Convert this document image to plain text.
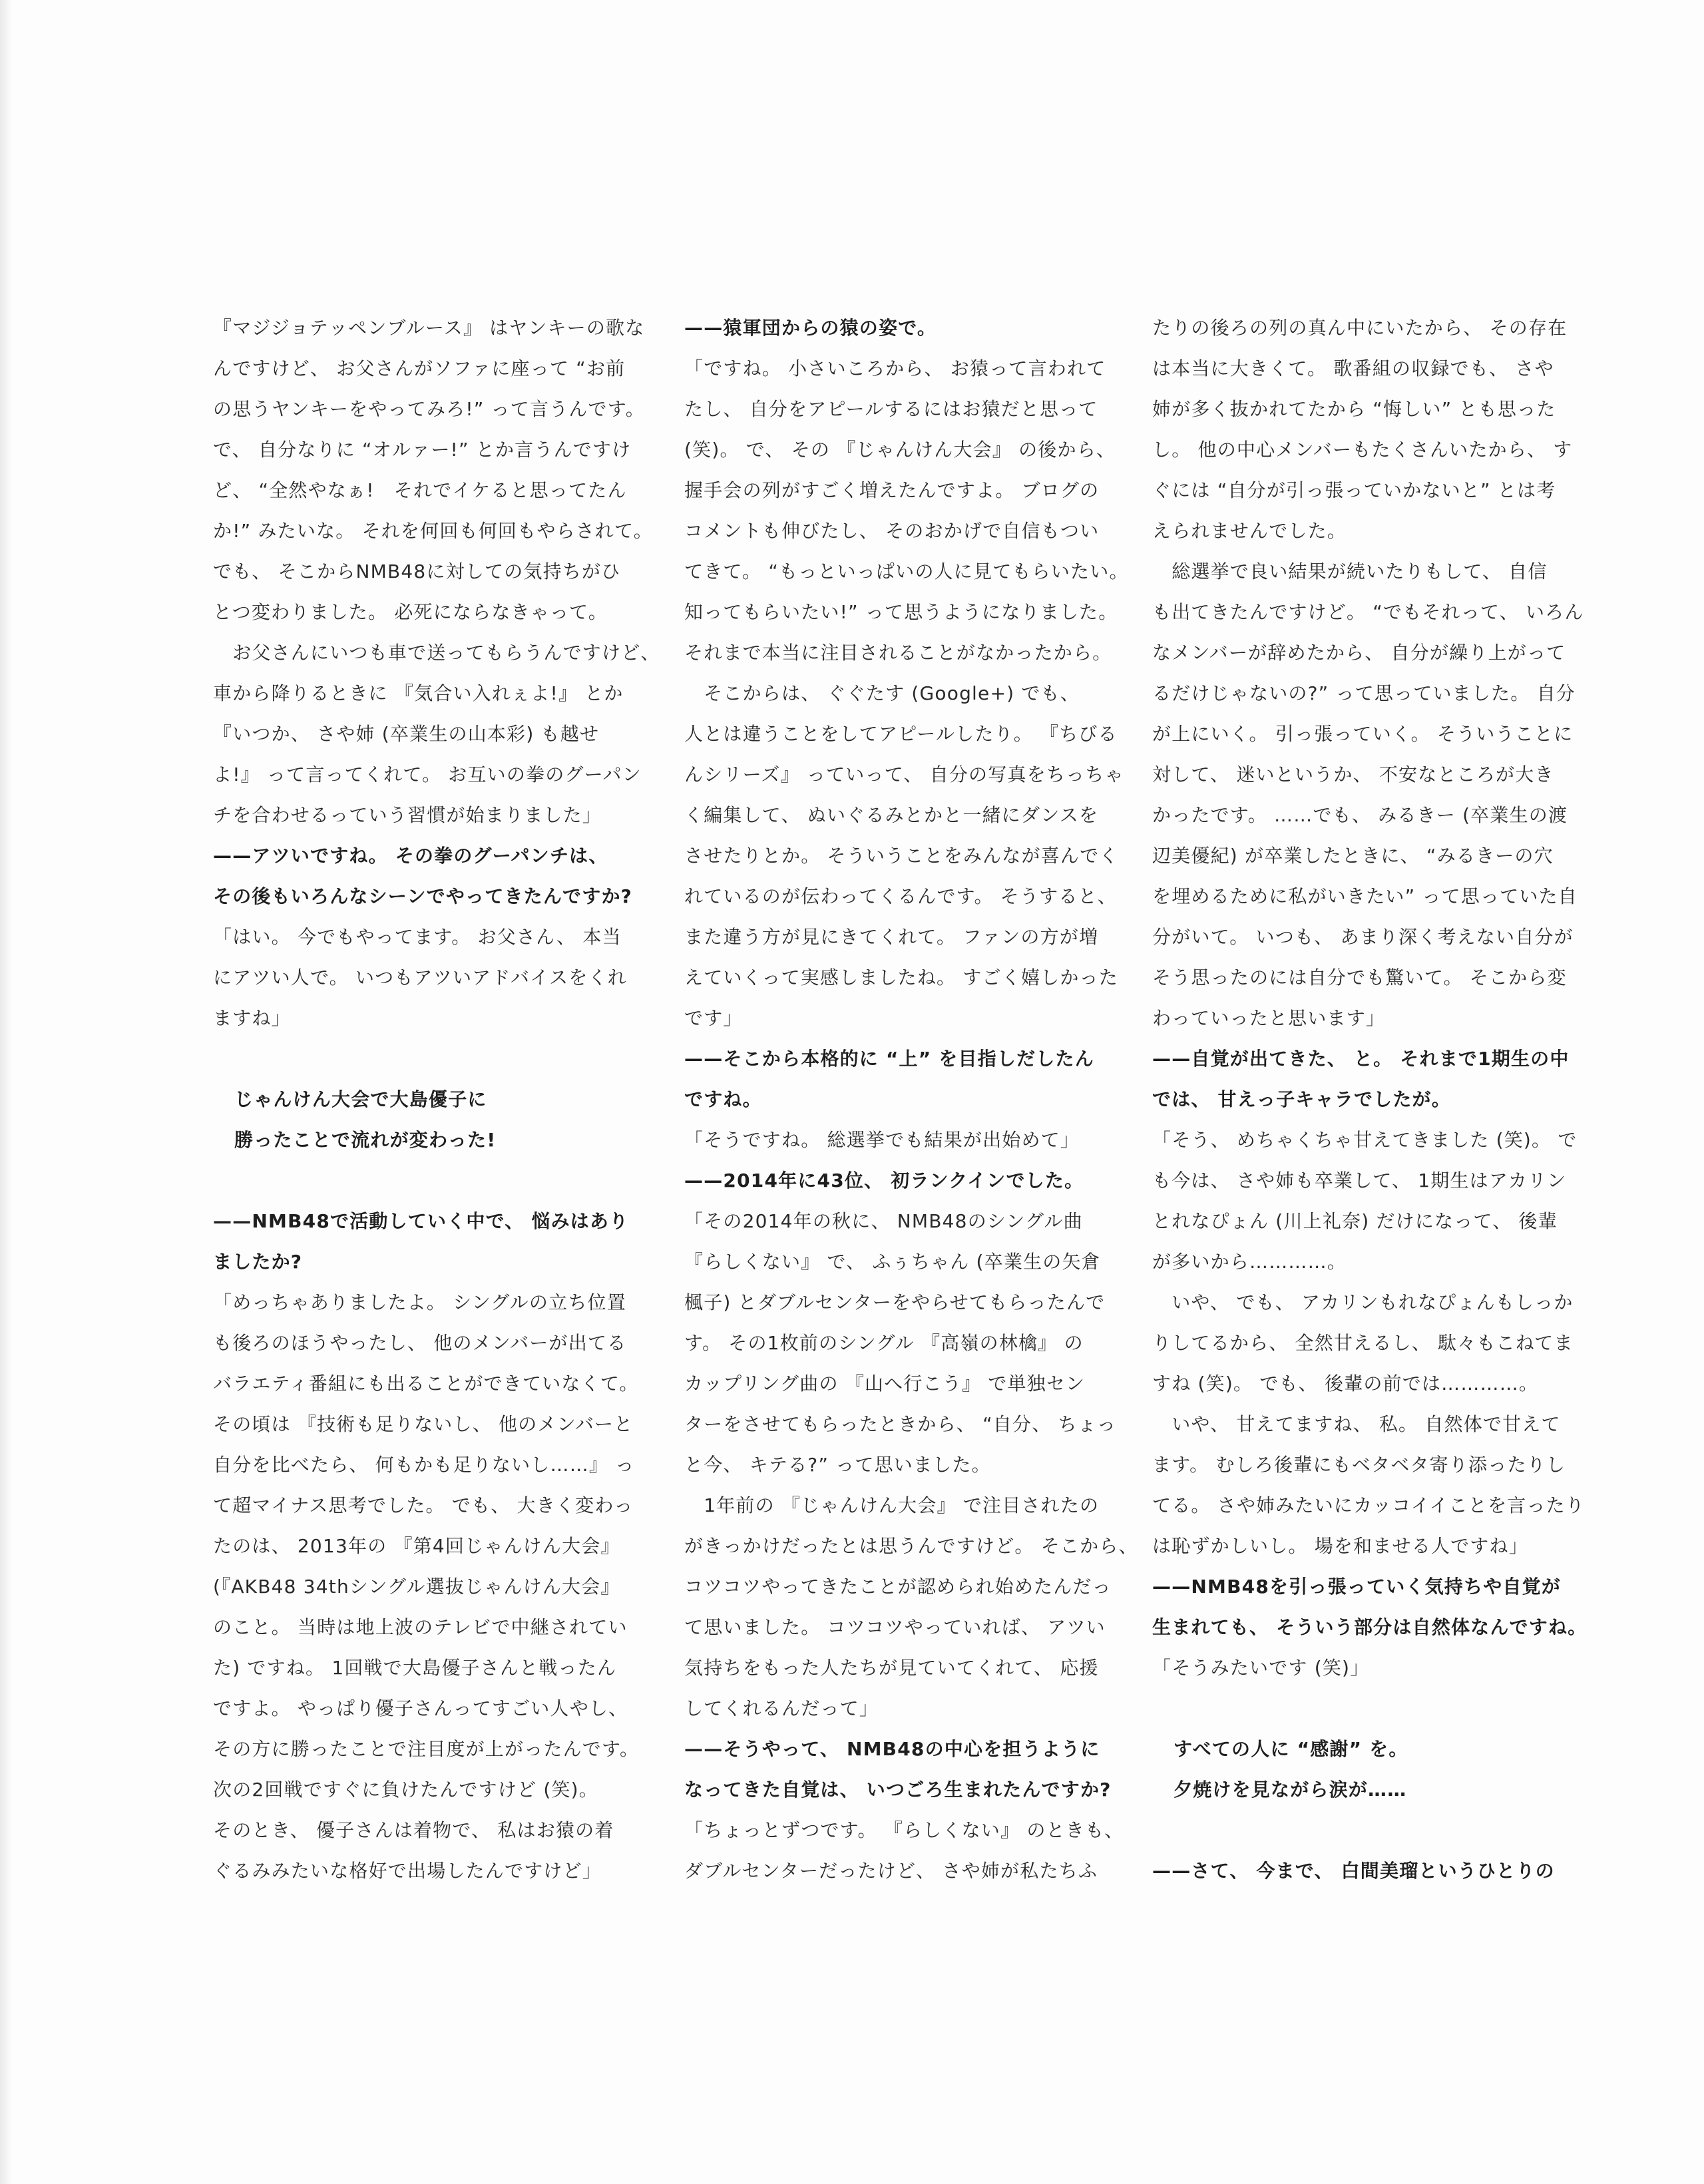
『マジジョテッペンブルース』 はヤンキーの歌な
んですけど、 お父さんがソファに座って “お前
の思うヤンキーをやってみろ!” って言うんです。
で、 自分なりに “オルァー!” とか言うんですけ
ど、 “全然やなぁ!　それでイケると思ってたん
か!” みたいな。 それを何回も何回もやらされて。
でも、 そこからNMB48に対しての気持ちがひ
とつ変わりました。 必死にならなきゃって。
　お父さんにいつも車で送ってもらうんですけど、
車から降りるときに 『気合い入れぇよ!』 とか
『いつか、 さや姉 (卒業生の山本彩) も越せ
よ!』 って言ってくれて。 お互いの拳のグーパン
チを合わせるっていう習慣が始まりました」
——アツいですね。 その拳のグーパンチは、
その後もいろんなシーンでやってきたんですか?
「はい。 今でもやってます。 お父さん、 本当
にアツい人で。 いつもアツいアドバイスをくれ
ますね」
じゃんけん大会で大島優子に
勝ったことで流れが変わった!
——NMB48で活動していく中で、 悩みはあり
ましたか?
「めっちゃありましたよ。 シングルの立ち位置
も後ろのほうやったし、 他のメンバーが出てる
バラエティ番組にも出ることができていなくて。
その頃は 『技術も足りないし、 他のメンバーと
自分を比べたら、 何もかも足りないし……』 っ
て超マイナス思考でした。 でも、 大きく変わっ
たのは、 2013年の 『第4回じゃんけん大会』
(『AKB48 34thシングル選抜じゃんけん大会』
のこと。 当時は地上波のテレビで中継されてい
た) ですね。 1回戦で大島優子さんと戦ったん
ですよ。 やっぱり優子さんってすごい人やし、
その方に勝ったことで注目度が上がったんです。
次の2回戦ですぐに負けたんですけど (笑)。
そのとき、 優子さんは着物で、 私はお猿の着
ぐるみみたいな格好で出場したんですけど」
——猿軍団からの猿の姿で。
「ですね。 小さいころから、 お猿って言われて
たし、 自分をアピールするにはお猿だと思って
(笑)。 で、 その 『じゃんけん大会』 の後から、
握手会の列がすごく増えたんですよ。 ブログの
コメントも伸びたし、 そのおかげで自信もつい
てきて。 “もっといっぱいの人に見てもらいたい。
知ってもらいたい!” って思うようになりました。
それまで本当に注目されることがなかったから。
　そこからは、 ぐぐたす (Google+) でも、
人とは違うことをしてアピールしたり。 『ちびる
んシリーズ』 っていって、 自分の写真をちっちゃ
く編集して、 ぬいぐるみとかと一緒にダンスを
させたりとか。 そういうことをみんなが喜んでく
れているのが伝わってくるんです。 そうすると、
また違う方が見にきてくれて。 ファンの方が増
えていくって実感しましたね。 すごく嬉しかった
です」
——そこから本格的に “上” を目指しだしたん
ですね。
「そうですね。 総選挙でも結果が出始めて」
——2014年に43位、 初ランクインでした。
「その2014年の秋に、 NMB48のシングル曲
『らしくない』 で、 ふぅちゃん (卒業生の矢倉
楓子) とダブルセンターをやらせてもらったんで
す。 その1枚前のシングル 『高嶺の林檎』 の
カップリング曲の 『山へ行こう』 で単独セン
ターをさせてもらったときから、 “自分、 ちょっ
と今、 キテる?” って思いました。
　1年前の 『じゃんけん大会』 で注目されたの
がきっかけだったとは思うんですけど。 そこから、
コツコツやってきたことが認められ始めたんだっ
て思いました。 コツコツやっていれば、 アツい
気持ちをもった人たちが見ていてくれて、 応援
してくれるんだって」
——そうやって、 NMB48の中心を担うように
なってきた自覚は、 いつごろ生まれたんですか?
「ちょっとずつです。 『らしくない』 のときも、
ダブルセンターだったけど、 さや姉が私たちふ
たりの後ろの列の真ん中にいたから、 その存在
は本当に大きくて。 歌番組の収録でも、 さや
姉が多く抜かれてたから “悔しい” とも思った
し。 他の中心メンバーもたくさんいたから、 す
ぐには “自分が引っ張っていかないと” とは考
えられませんでした。
　総選挙で良い結果が続いたりもして、 自信
も出てきたんですけど。 “でもそれって、 いろん
なメンバーが辞めたから、 自分が繰り上がって
るだけじゃないの?” って思っていました。 自分
が上にいく。 引っ張っていく。 そういうことに
対して、 迷いというか、 不安なところが大き
かったです。 ……でも、 みるきー (卒業生の渡
辺美優紀) が卒業したときに、 “みるきーの穴
を埋めるために私がいきたい” って思っていた自
分がいて。 いつも、 あまり深く考えない自分が
そう思ったのには自分でも驚いて。 そこから変
わっていったと思います」
——自覚が出てきた、 と。 それまで1期生の中
では、 甘えっ子キャラでしたが。
「そう、 めちゃくちゃ甘えてきました (笑)。 で
も今は、 さや姉も卒業して、 1期生はアカリン
とれなぴょん (川上礼奈) だけになって、 後輩
が多いから…………。
　いや、 でも、 アカリンもれなぴょんもしっか
りしてるから、 全然甘えるし、 駄々もこねてま
すね (笑)。 でも、 後輩の前では…………。
　いや、 甘えてますね、 私。 自然体で甘えて
ます。 むしろ後輩にもベタベタ寄り添ったりし
てる。 さや姉みたいにカッコイイことを言ったり
は恥ずかしいし。 場を和ませる人ですね」
——NMB48を引っ張っていく気持ちや自覚が
生まれても、 そういう部分は自然体なんですね。
「そうみたいです (笑)」
すべての人に “感謝” を。
夕焼けを見ながら涙が……
——さて、 今まで、 白間美瑠というひとりの
